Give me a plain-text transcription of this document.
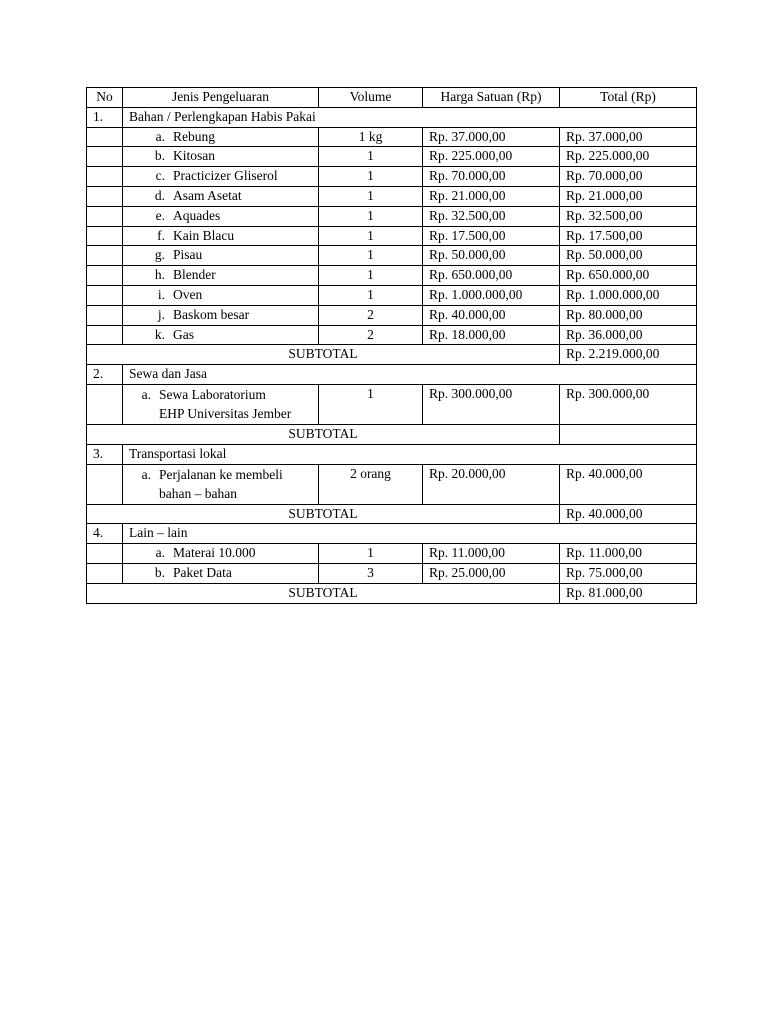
No	Jenis Pengeluaran	Volume	Harga Satuan (Rp)	Total (Rp)
1.	Bahan / Perlengkapan Habis Pakai			

	a. Rebung	1 kg	Rp. 37.000,00	Rp. 37.000,00

	b. Kitosan	1	Rp. 225.000,00	Rp. 225.000,00

	c. Practicizer Gliserol	1	Rp. 70.000,00	Rp. 70.000,00

	d. Asam Asetat	1	Rp. 21.000,00	Rp. 21.000,00

	e. Aquades	1	Rp. 32.500,00	Rp. 32.500,00

	f. Kain Blacu	1	Rp. 17.500,00	Rp. 17.500,00

	g. Pisau	1	Rp. 50.000,00	Rp. 50.000,00

	h. Blender	1	Rp. 650.000,00	Rp. 650.000,00

	i. Oven	1	Rp. 1.000.000,00	Rp. 1.000.000,00

	j. Baskom besar	2	Rp. 40.000,00	Rp. 80.000,00

	k. Gas	2	Rp. 18.000,00	Rp. 36.000,00
SUBTOTAL				Rp. 2.219.000,00
2.	Sewa dan Jasa			

	a. Sewa Laboratorium
EHP Universitas Jember	1	Rp. 300.000,00	Rp. 300.000,00
SUBTOTAL				
3.	Transportasi lokal			

	a. Perjalanan ke membeli
bahan – bahan	2 orang	Rp. 20.000,00	Rp. 40.000,00
SUBTOTAL				Rp. 40.000,00
4.	Lain – lain			

	a. Materai 10.000	1	Rp. 11.000,00	Rp. 11.000,00

	b. Paket Data	3	Rp. 25.000,00	Rp. 75.000,00
SUBTOTAL				Rp. 81.000,00
